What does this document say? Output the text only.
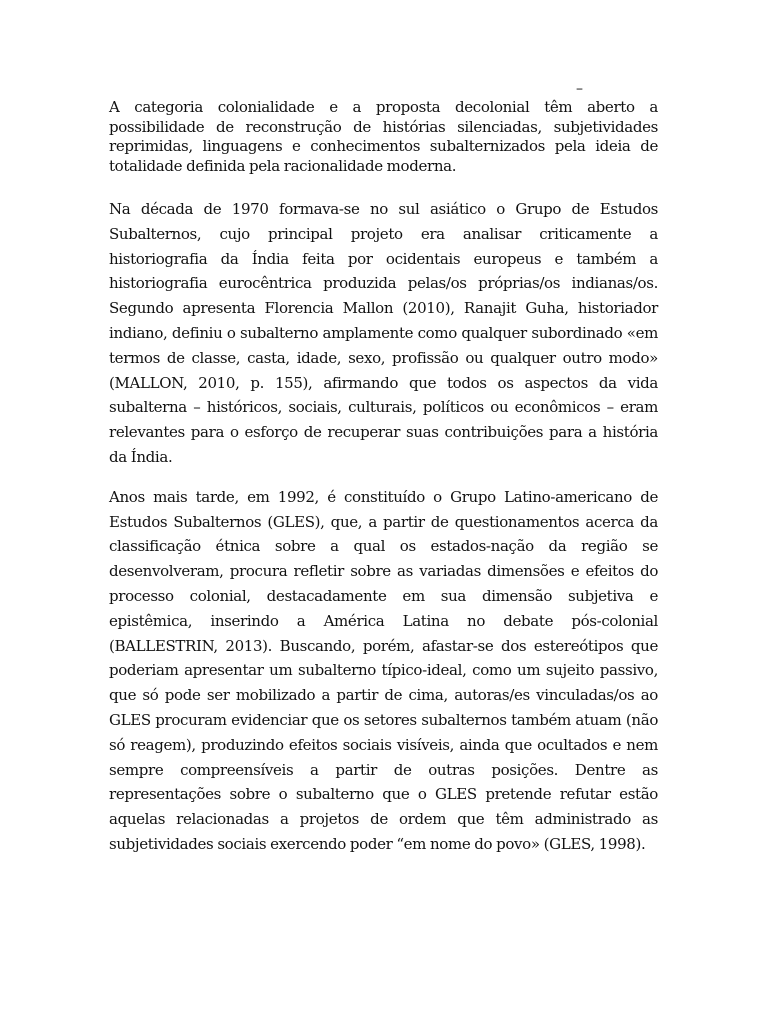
–

A categoria colonialidade e a proposta decolonial têm aberto a possibilidade de reconstrução de histórias silenciadas, subjetividades reprimidas, linguagens e conhecimentos subalternizados pela ideia de totalidade definida pela racionalidade moderna.

Na década de 1970 formava-se no sul asiático o Grupo de Estudos Subalternos, cujo principal projeto era analisar criticamente a historiografia da Índia feita por ocidentais europeus e também a historiografia eurocêntrica produzida pelas/os próprias/os indianas/os. Segundo apresenta Florencia Mallon (2010), Ranajit Guha, historiador indiano, definiu o subalterno amplamente como qualquer subordinado «em termos de classe, casta, idade, sexo, profissão ou qualquer outro modo» (MALLON, 2010, p. 155), afirmando que todos os aspectos da vida subalterna – históricos, sociais, culturais, políticos ou econômicos – eram relevantes para o esforço de recuperar suas contribuições para a história da Índia.

Anos mais tarde, em 1992, é constituído o Grupo Latino-americano de Estudos Subalternos (GLES), que, a partir de questionamentos acerca da classificação étnica sobre a qual os estados-nação da região se desenvolveram, procura refletir sobre as variadas dimensões e efeitos do processo colonial, destacadamente em sua dimensão subjetiva e epistêmica, inserindo a América Latina no debate pós-colonial (BALLESTRIN, 2013). Buscando, porém, afastar-se dos estereótipos que poderiam apresentar um subalterno típico-ideal, como um sujeito passivo, que só pode ser mobilizado a partir de cima, autoras/es vinculadas/os ao GLES procuram evidenciar que os setores subalternos também atuam (não só reagem), produzindo efeitos sociais visíveis, ainda que ocultados e nem sempre compreensíveis a partir de outras posições. Dentre as representações sobre o subalterno que o GLES pretende refutar estão aquelas relacionadas a projetos de ordem que têm administrado as subjetividades sociais exercendo poder “em nome do povo» (GLES, 1998).
